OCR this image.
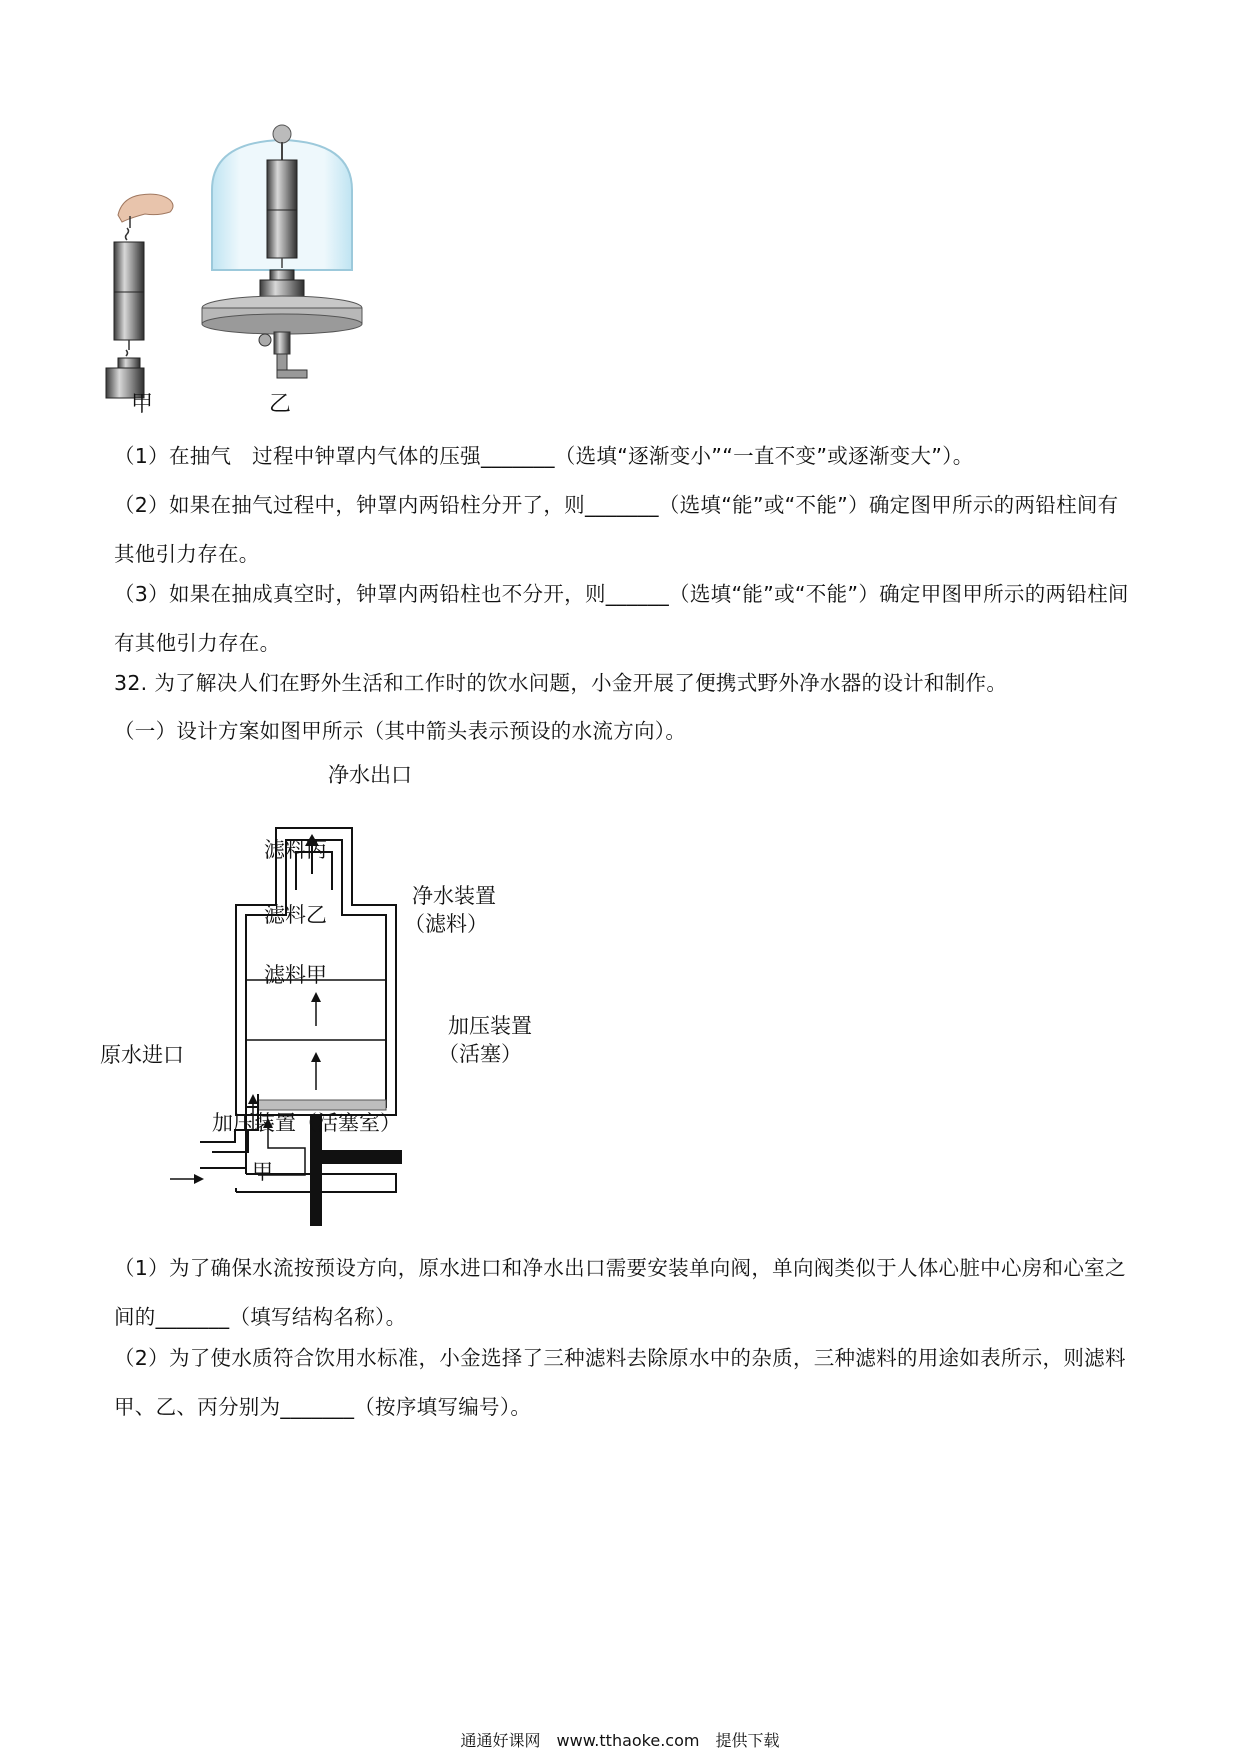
甲	乙
（1）在抽气　过程中钟罩内气体的压强_______（选填“逐渐变小”“一直不变”或逐渐变大”）。
（2）如果在抽气过程中，钟罩内两铅柱分开了，则_______（选填“能”或“不能”）确定图甲所示的两铅柱间有其他引力存在。
（3）如果在抽成真空时，钟罩内两铅柱也不分开，则______（选填“能”或“不能”）确定甲图甲所示的两铅柱间有其他引力存在。
32. 为了解决人们在野外生活和工作时的饮水问题，小金开展了便携式野外净水器的设计和制作。
（一）设计方案如图甲所示（其中箭头表示预设的水流方向）。
净水出口
滤料丙
滤料乙
滤料甲
净水装置
（滤料）
加压装置
（活塞）
原水进口
加压装置（活塞室）
甲
（1）为了确保水流按预设方向，原水进口和净水出口需要安装单向阀，单向阀类似于人体心脏中心房和心室之间的_______（填写结构名称）。
（2）为了使水质符合饮用水标准，小金选择了三种滤料去除原水中的杂质，三种滤料的用途如表所示，则滤料甲、乙、丙分别为_______（按序填写编号）。
通通好课网　www.tthaoke.com　提供下载
